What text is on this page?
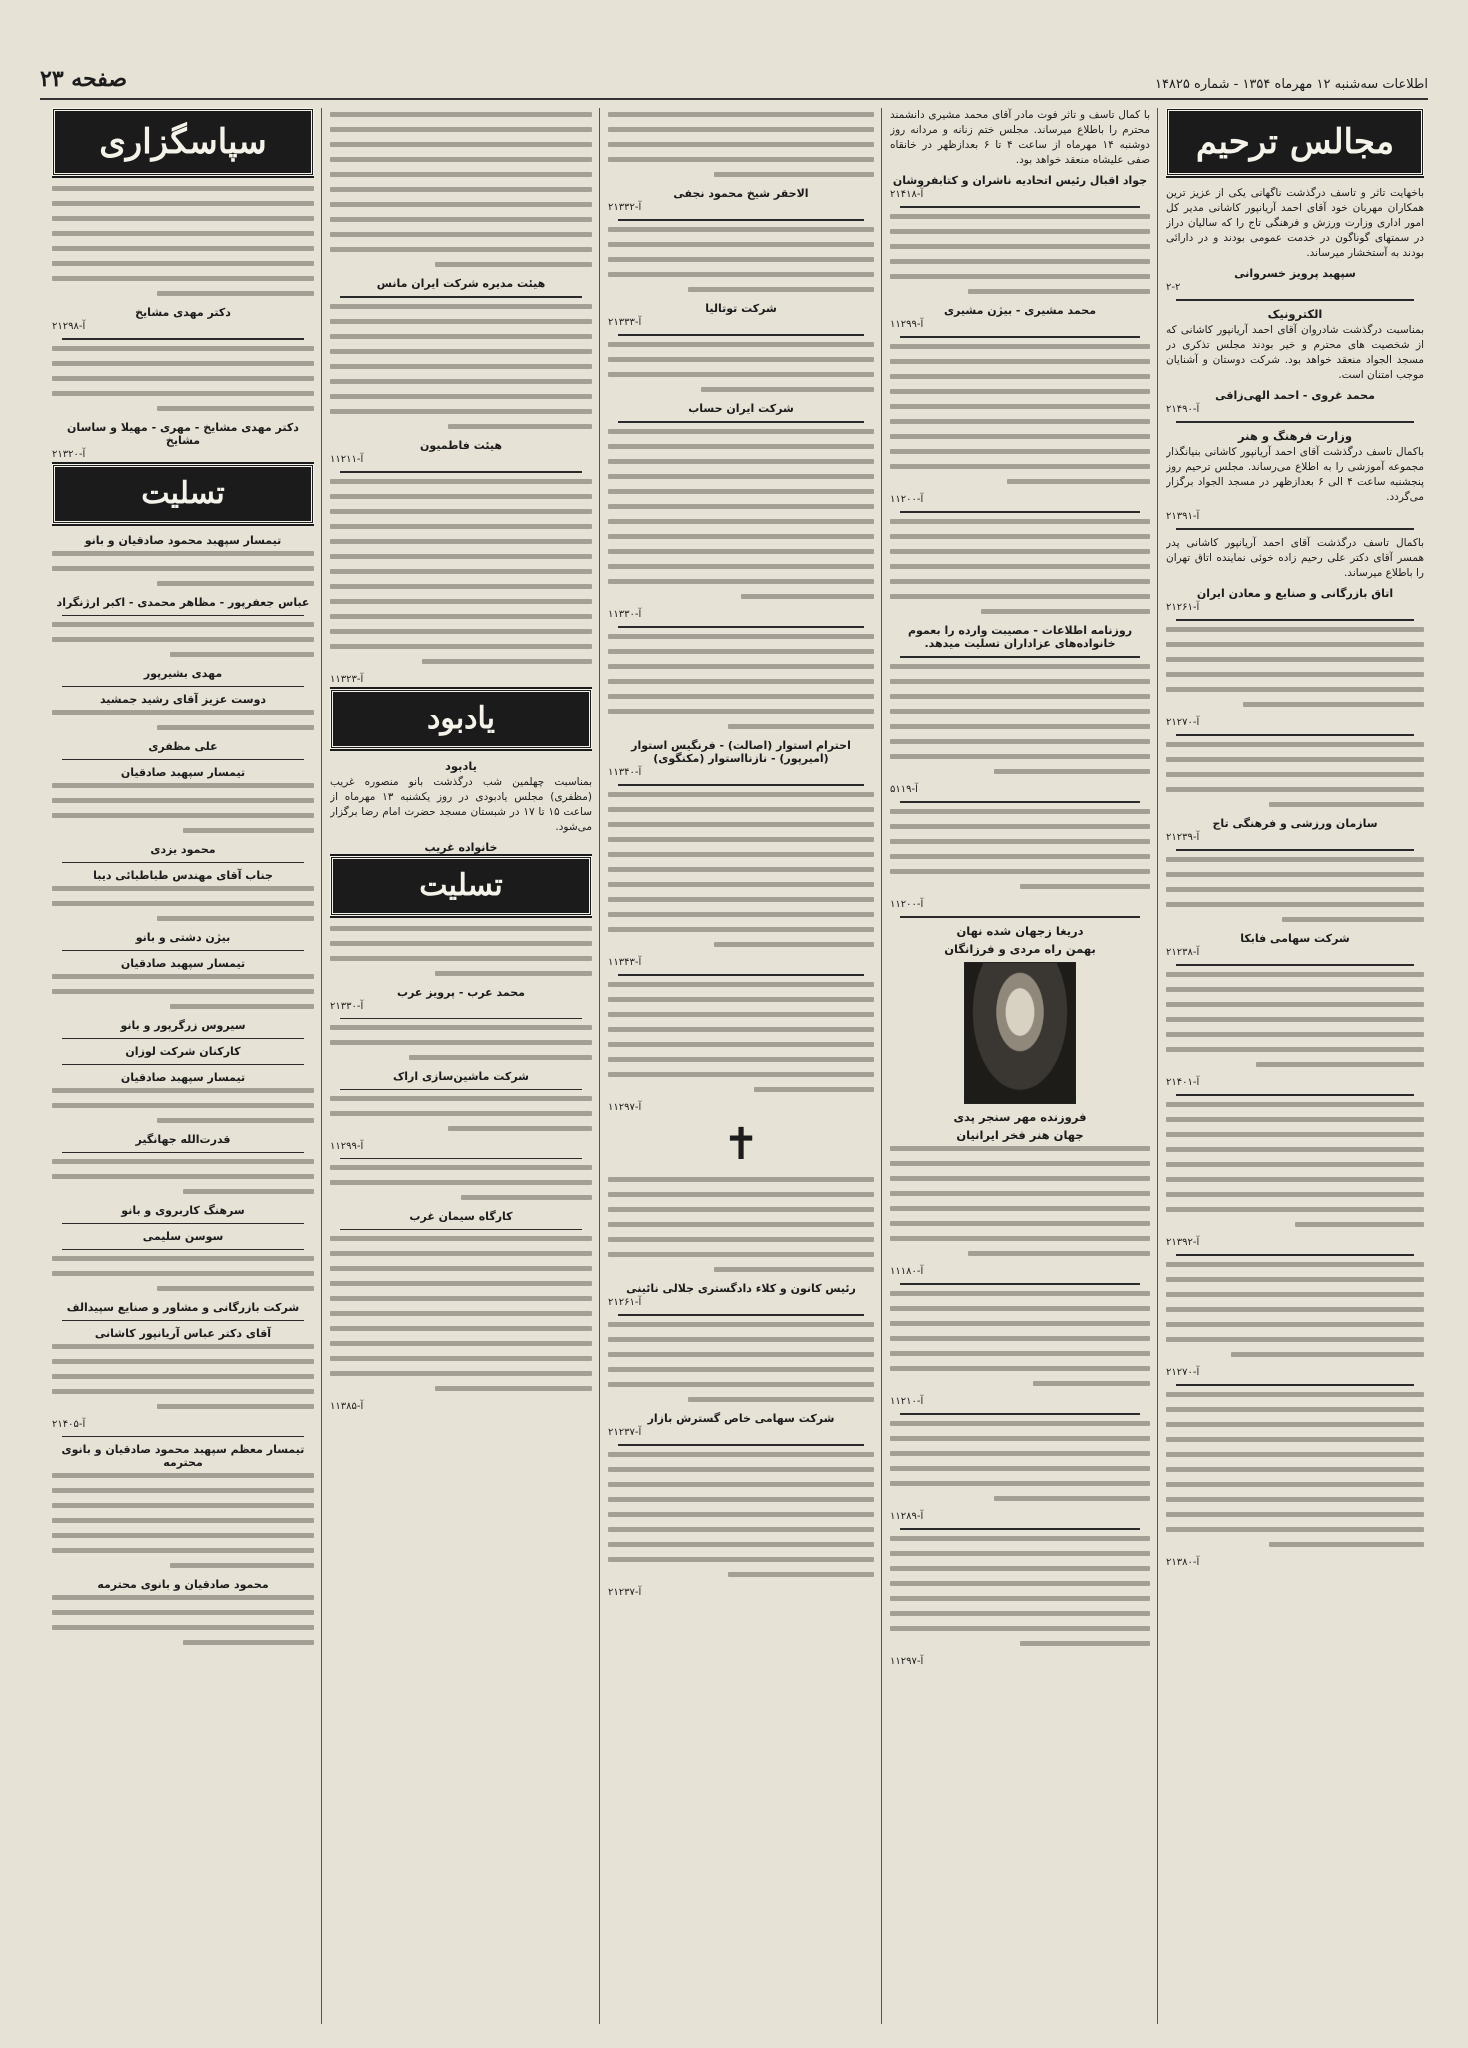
صفحه ۲۳	اطلاعات سه‌شنبه ۱۲ مهرماه ۱۳۵۴ - شماره ۱۴۸۲۵
مجالس ترحیم

باخهایت تاثر و تاسف درگذشت ناگهانی یکی از عزیز ترین همکاران مهربان خود آقای احمد آریانپور کاشانی مدیر کل امور اداری وزارت ورزش و فرهنگی تاج را که سالیان دراز در سمتهای گوناگون در خدمت عمومی بودند و در دارائی بودند به آستخشار میرساند.

سپهبد پرویز خسروانی
۲-۲
الکترونیک

بمناسبت درگذشت شادروان آقای احمد آریانپور کاشانی که از شخصیت های محترم و خیر بودند مجلس تذکری در مسجد الجواد منعقد خواهد بود. شرکت دوستان و آشنایان موجب امتنان است.

محمد غروی - احمد الهی‌زاقی
آ-۲۱۴۹۰
وزارت فرهنگ و هنر

باکمال تاسف درگذشت آقای احمد آریانپور کاشانی بنیانگذار مجموعه آموزشی را به اطلاع می‌رساند. مجلس ترحیم روز پنجشنبه ساعت ۴ الی ۶ بعدازظهر در مسجد الجواد برگزار می‌گردد.

آ-۲۱۳۹۱

باکمال تاسف درگذشت آقای احمد آریانپور کاشانی پدر همسر آقای دکتر علی رحیم زاده خوئی نماینده اتاق تهران را باطلاع میرساند.

اتاق بازرگانی و صنایع و معادن ایران
آ-۲۱۲۶۱
آ-۲۱۲۷۰
سازمان ورزشی و فرهنگی تاج
آ-۲۱۲۳۹
شرکت سهامی فابکا
آ-۲۱۲۳۸
آ-۲۱۴۰۱
آ-۲۱۳۹۲
آ-۲۱۲۷۰
آ-۲۱۳۸۰

با کمال تاسف و تاثر فوت مادر آقای محمد مشیری دانشمند محترم را باطلاع میرساند. مجلس ختم زنانه و مردانه روز دوشنبه ۱۴ مهرماه از ساعت ۴ تا ۶ بعدازظهر در خانقاه صفی علیشاه منعقد خواهد بود.

جواد اقبال رئیس اتحادیه ناشران و کتابفروشان
آ-۲۱۴۱۸
محمد مشیری - بیژن مشیری
آ-۱۱۲۹۹
آ-۱۱۲۰۰
روزنامه اطلاعات - مصیبت وارده را بعموم خانواده‌های عزاداران تسلیت میدهد.
آ-۵۱۱۹
آ-۱۱۲۰۰
دریغا زجهان شده نهان
بهمن راه مردی و فرزانگان
فروزنده مهر سنجر پدی
جهان هنر فخر ایرانیان
آ-۱۱۱۸۰
آ-۱۱۲۱۰
آ-۱۱۲۸۹
آ-۱۱۲۹۷
الاحقر شیخ محمود نجفی
آ-۲۱۳۳۲
شرکت توتالیا
آ-۲۱۳۳۳
شرکت ایران حساب
آ-۱۱۳۳۰
احترام استوار (اصالت) - فرنگیس استوار (امیرپور) - نازنا‌استوار (مکنگوی)
آ-۱۱۳۴۰
آ-۱۱۳۴۳
آ-۱۱۲۹۷
✝
رئیس کانون و کلاء دادگستری جلالی نائینی
آ-۲۱۲۶۱
شرکت سهامی خاص گسترش بازار
آ-۲۱۲۳۷
آ-۲۱۲۳۷
هیئت مدیره شرکت ایران مانس
هیئت فاطمیون
آ-۱۱۲۱۱
آ-۱۱۳۲۳
یادبود
یادبود

بمناسبت چهلمین شب درگذشت بانو منصوره غریب (مظفری) مجلس یادبودی در روز یکشنبه ۱۳ مهرماه از ساعت ۱۵ تا ۱۷ در شبستان مسجد حضرت امام رضا برگزار می‌شود.

خانواده غریب
تسلیت
محمد عرب - پرویز عرب
آ-۲۱۳۳۰
شرکت ماشین‌سازی اراک
آ-۱۱۲۹۹
کارگاه سیمان غرب
آ-۱۱۳۸۵
سپاسگزاری
دکتر مهدی مشایخ
آ-۲۱۲۹۸
دکتر مهدی مشایخ - مهری - مهیلا و ساسان مشایخ
آ-۲۱۳۲۰
تسلیت
تیمسار سپهبد محمود صادقیان و بانو
عباس جعفرپور - مظاهر محمدی - اکبر ارژنگراد
مهدی بشیرپور
دوست عزیز آقای رشید جمشید
علی مظفری
تیمسار سپهبد صادقیان
محمود یزدی
جناب آقای مهندس طباطبائی دیبا
بیژن دشتی و بانو
تیمسار سپهبد صادقیان
سیروس زرگرپور و بانو
کارکنان شرکت لوزان
تیمسار سپهبد صادقیان
قدرت‌الله جهانگیر
سرهنگ کاربروی و بانو
سوسن سلیمی
شرکت بازرگانی و مشاور و صنایع سپیدالف
آقای دکتر عباس آریانپور کاشانی
آ-۲۱۴۰۵
تیمسار معظم سپهبد محمود صادقیان و بانوی محترمه
محمود صادقیان و بانوی محترمه
